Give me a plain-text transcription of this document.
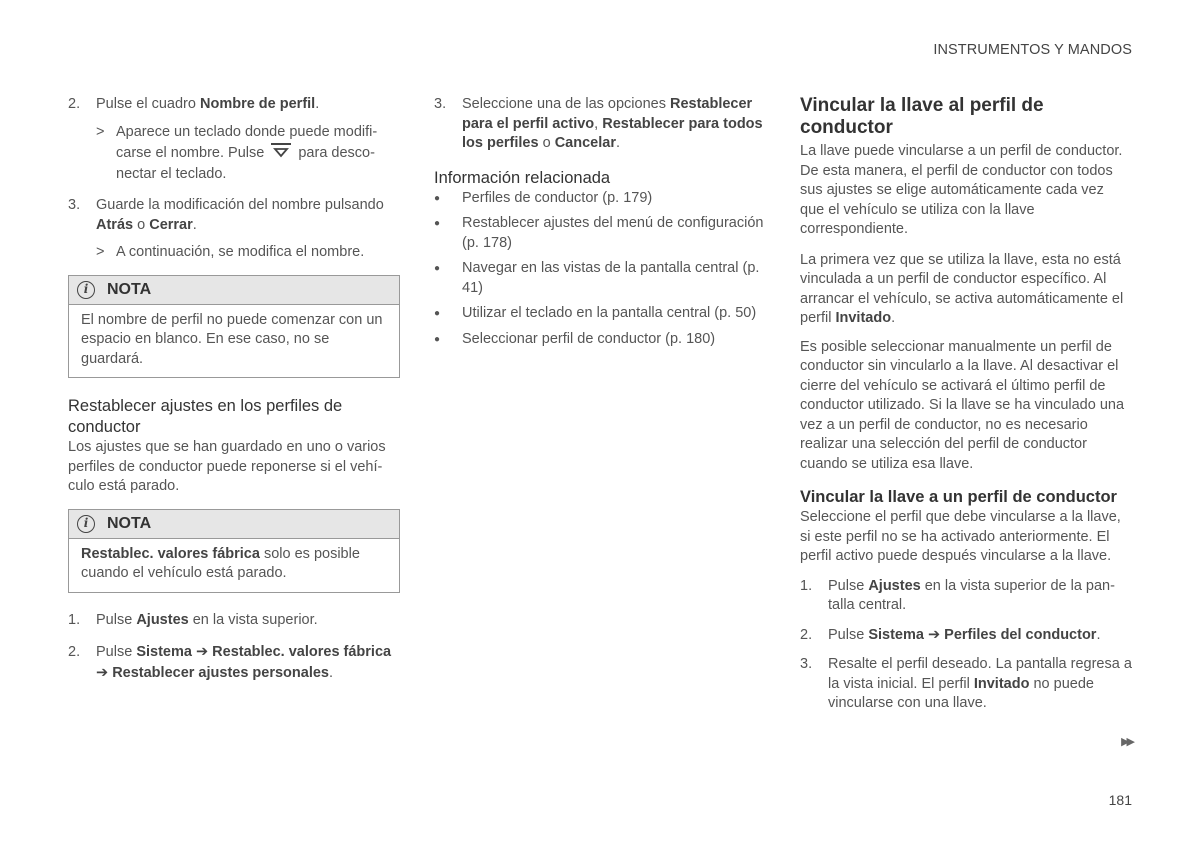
INSTRUMENTOS Y MANDOS
2.	Pulse el cuadro Nombre de perfil.
> Aparece un teclado donde puede modificarse el nombre. Pulse para desconectar el teclado.
3.	Guarde la modificación del nombre pulsando Atrás o Cerrar.
> A continuación, se modifica el nombre.
i	NOTA
El nombre de perfil no puede comenzar con un espacio en blanco. En ese caso, no se guardará.
Restablecer ajustes en los perfiles de conductor

Los ajustes que se han guardado en uno o varios perfiles de conductor puede reponerse si el vehículo está parado.

i	NOTA
Restablec. valores fábrica solo es posible cuando el vehículo está parado.
1.	Pulse Ajustes en la vista superior.
2.	Pulse Sistema ➔ Restablec. valores fábrica ➔ Restablecer ajustes personales.
3.	Seleccione una de las opciones Restablecer para el perfil activo, Restablecer para todos los perfiles o Cancelar.
Información relacionada
●	Perfiles de conductor (p. 179)
●	Restablecer ajustes del menú de configuración (p. 178)
●	Navegar en las vistas de la pantalla central (p. 41)
●	Utilizar el teclado en la pantalla central (p. 50)
●	Seleccionar perfil de conductor (p. 180)
Vincular la llave al perfil de conductor

La llave puede vincularse a un perfil de conductor. De esta manera, el perfil de conductor con todos sus ajustes se elige automáticamente cada vez que el vehículo se utiliza con la llave correspondiente.

La primera vez que se utiliza la llave, esta no está vinculada a un perfil de conductor específico. Al arrancar el vehículo, se activa automáticamente el perfil Invitado.

Es posible seleccionar manualmente un perfil de conductor sin vincularlo a la llave. Al desactivar el cierre del vehículo se activará el último perfil de conductor utilizado. Si la llave se ha vinculado una vez a un perfil de conductor, no es necesario realizar una selección del perfil de conductor cuando se utiliza esa llave.

Vincular la llave a un perfil de conductor

Seleccione el perfil que debe vincularse a la llave, si este perfil no se ha activado anteriormente. El perfil activo puede después vincularse a la llave.

1.	Pulse Ajustes en la vista superior de la pantalla central.
2.	Pulse Sistema ➔ Perfiles del conductor.
3.	Resalte el perfil deseado. La pantalla regresa a la vista inicial. El perfil Invitado no puede vincularse con una llave.
▶▶
181
